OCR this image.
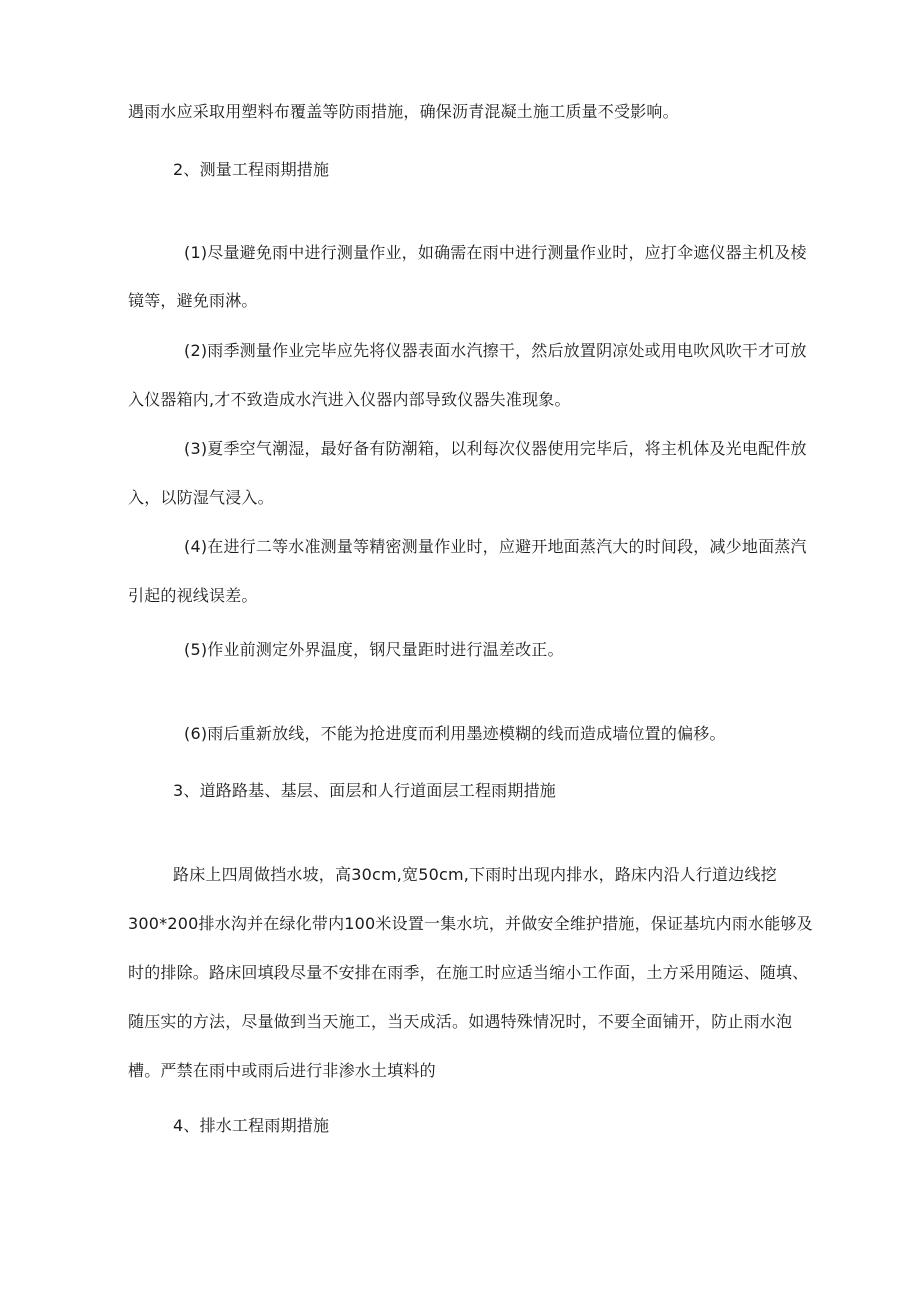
遇雨水应采取用塑料布覆盖等防雨措施，确保沥青混凝土施工质量不受影响。
2、测量工程雨期措施
(1)尽量避免雨中进行测量作业，如确需在雨中进行测量作业时，应打伞遮仪器主机及棱
镜等，避免雨淋。
(2)雨季测量作业完毕应先将仪器表面水汽擦干，然后放置阴凉处或用电吹风吹干才可放
入仪器箱内,才不致造成水汽进入仪器内部导致仪器失准现象。
(3)夏季空气潮湿，最好备有防潮箱，以利每次仪器使用完毕后，将主机体及光电配件放
入，以防湿气浸入。
(4)在进行二等水准测量等精密测量作业时，应避开地面蒸汽大的时间段，减少地面蒸汽
引起的视线误差。
(5)作业前测定外界温度，钢尺量距时进行温差改正。
(6)雨后重新放线，不能为抢进度而利用墨迹模糊的线而造成墙位置的偏移。
3、道路路基、基层、面层和人行道面层工程雨期措施
路床上四周做挡水坡，高30cm,宽50cm,下雨时出现内排水，路床内沿人行道边线挖
300*200排水沟并在绿化带内100米设置一集水坑，并做安全维护措施，保证基坑内雨水能够及
时的排除。路床回填段尽量不安排在雨季，在施工时应适当缩小工作面，土方采用随运、随填、
随压实的方法，尽量做到当天施工，当天成活。如遇特殊情况时，不要全面铺开，防止雨水泡
槽。严禁在雨中或雨后进行非渗水土填料的
4、排水工程雨期措施
